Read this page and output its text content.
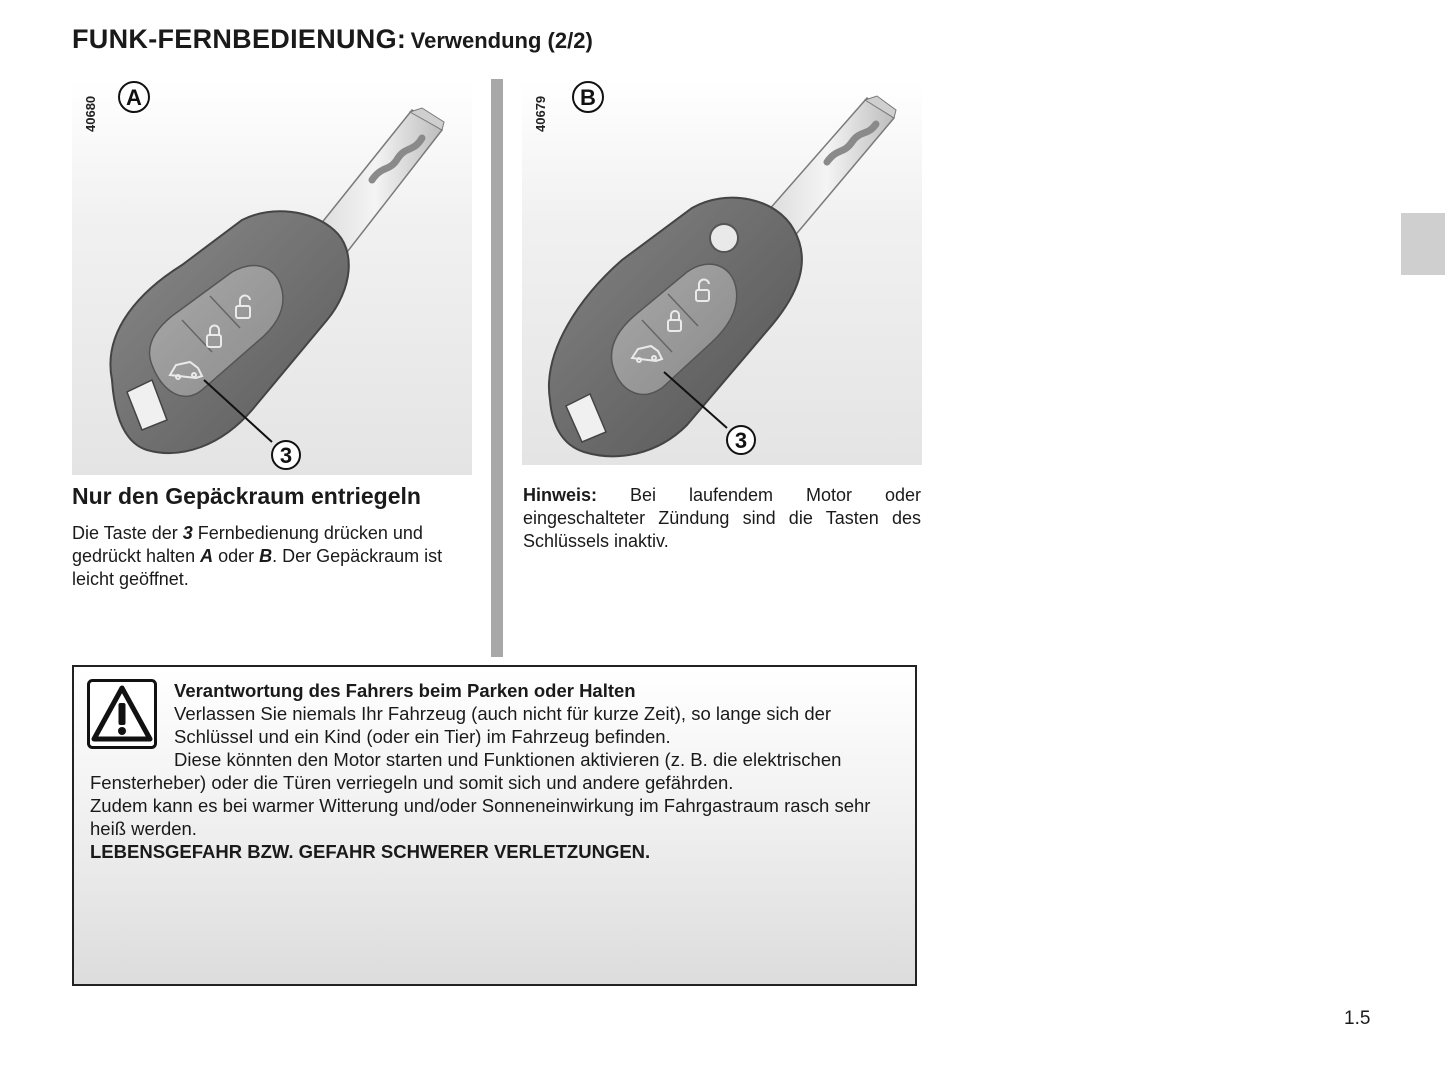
FUNK-FERNBEDIENUNG: Verwendung (2/2)
3
A
40680
3
B
40679
Nur den Gepäckraum entriegeln
Die Taste der 3 Fernbedienung drücken und gedrückt halten A oder B. Der Gepäckraum ist leicht geöffnet.
Hinweis: Bei laufendem Motor oder eingeschalteter Zündung sind die Tasten des Schlüssels inaktiv.
Verantwortung des Fahrers beim Parken oder Halten
Verlassen Sie niemals Ihr Fahrzeug (auch nicht für kurze Zeit), so lange sich der Schlüssel und ein Kind (oder ein Tier) im Fahrzeug befinden.
Diese könnten den Motor starten und Funktionen aktivieren (z. B. die elektrischen Fensterheber) oder die Türen verriegeln und somit sich und andere gefährden.
Zudem kann es bei warmer Witterung und/oder Sonneneinwirkung im Fahrgastraum rasch sehr heiß werden.
LEBENSGEFAHR BZW. GEFAHR SCHWERER VERLETZUNGEN.
1.5
